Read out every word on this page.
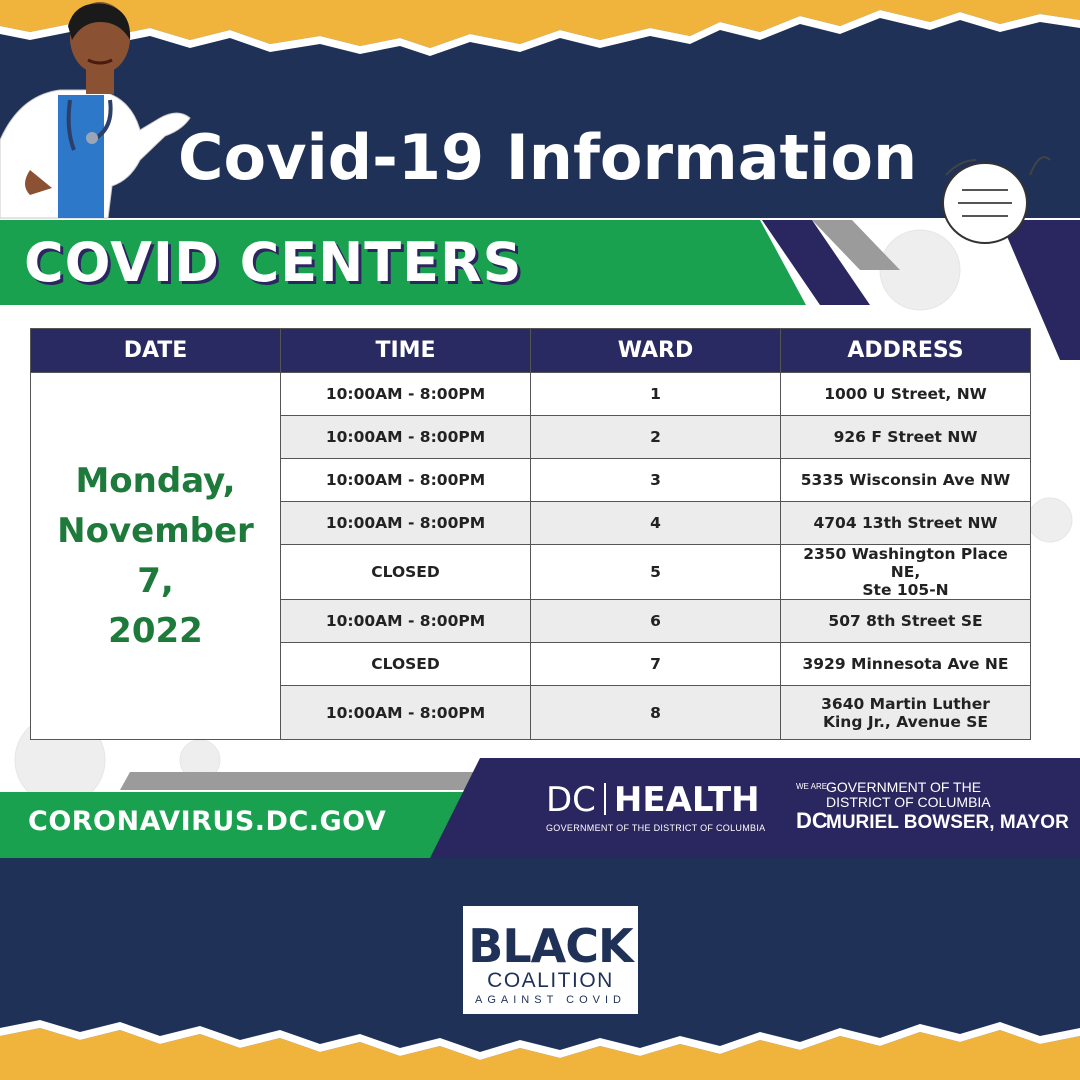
Covid-19 Information
COVID CENTERS
DATE	TIME	WARD	ADDRESS
Monday,
November 7,
2022	10:00AM - 8:00PM	1	1000 U Street, NW
	10:00AM - 8:00PM	2	926 F Street NW
	10:00AM - 8:00PM	3	5335 Wisconsin Ave NW
	10:00AM - 8:00PM	4	4704 13th Street NW
	CLOSED	5	2350 Washington Place NE,
Ste 105-N
	10:00AM - 8:00PM	6	507 8th Street SE
	CLOSED	7	3929 Minnesota Ave NE
	10:00AM - 8:00PM	8	3640 Martin Luther
King Jr., Avenue SE
CORONAVIRUS.DC.GOV
DC HEALTH
GOVERNMENT OF THE DISTRICT OF COLUMBIA
WE ARE
DC
GOVERNMENT OF THE
DISTRICT OF COLUMBIA
MURIEL BOWSER, MAYOR
BLACK
COALITION
AGAINST COVID
